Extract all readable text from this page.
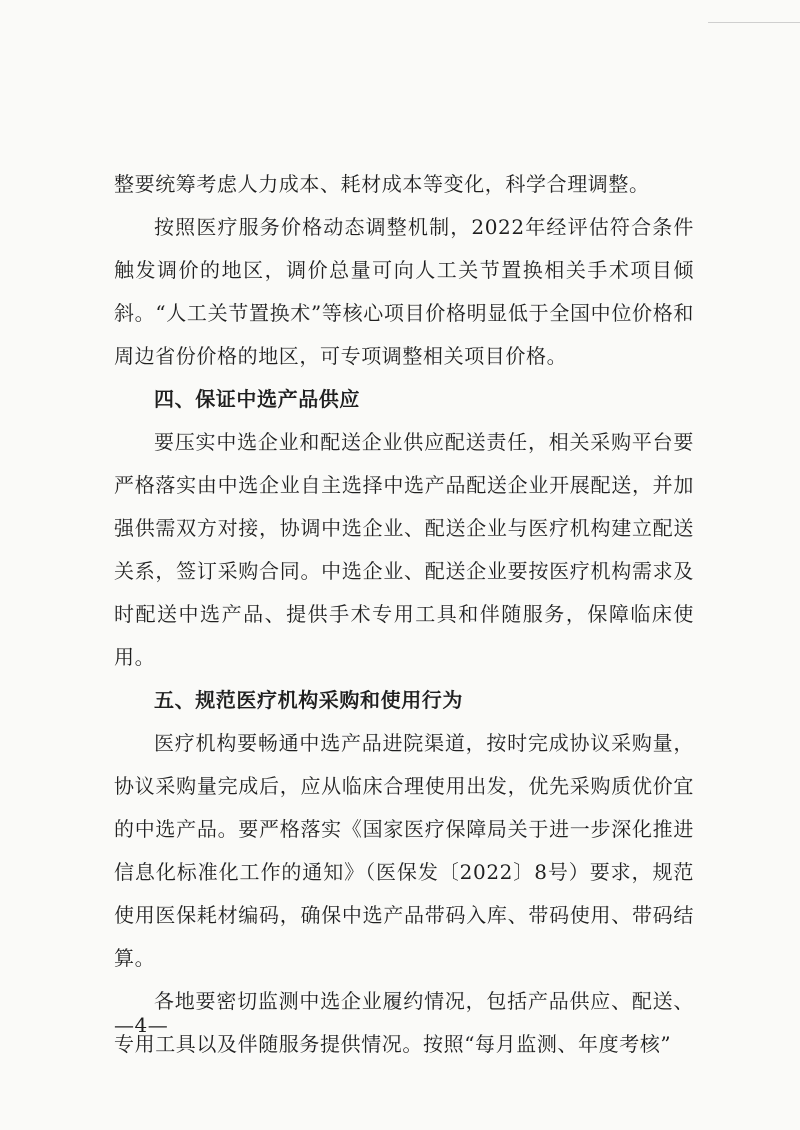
整要统筹考虑人力成本、耗材成本等变化，科学合理调整。

按照医疗服务价格动态调整机制，2022年经评估符合条件触发调价的地区，调价总量可向人工关节置换相关手术项目倾斜。“人工关节置换术”等核心项目价格明显低于全国中位价格和周边省份价格的地区，可专项调整相关项目价格。

四、保证中选产品供应

要压实中选企业和配送企业供应配送责任，相关采购平台要严格落实由中选企业自主选择中选产品配送企业开展配送，并加强供需双方对接，协调中选企业、配送企业与医疗机构建立配送关系，签订采购合同。中选企业、配送企业要按医疗机构需求及时配送中选产品、提供手术专用工具和伴随服务，保障临床使用。

五、规范医疗机构采购和使用行为

医疗机构要畅通中选产品进院渠道，按时完成协议采购量，协议采购量完成后，应从临床合理使用出发，优先采购质优价宜的中选产品。要严格落实《国家医疗保障局关于进一步深化推进信息化标准化工作的通知》（医保发〔2022〕8号）要求，规范使用医保耗材编码，确保中选产品带码入库、带码使用、带码结算。

各地要密切监测中选企业履约情况，包括产品供应、配送、专用工具以及伴随服务提供情况。按照“每月监测、年度考核”

—4—
